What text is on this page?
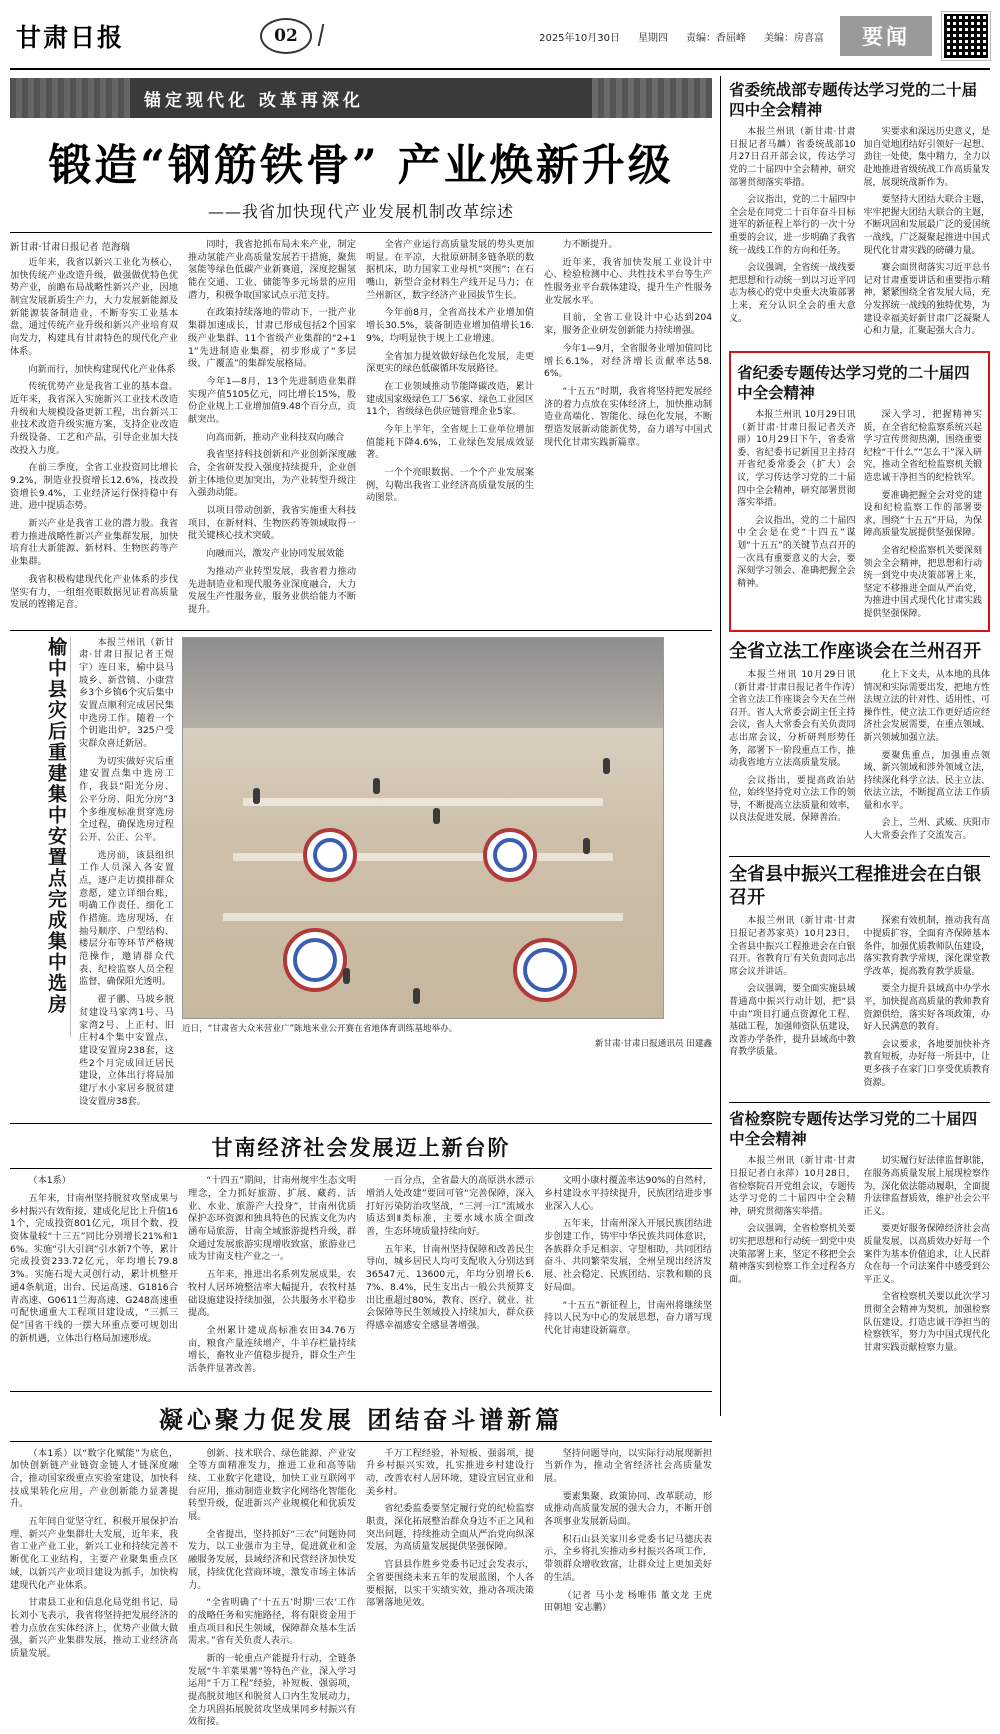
甘肃日报	02	2025年10月30日 星期四 责编：香屈峰 美编：房喜富	要闻
锚定现代化 改革再深化
锻造“钢筋铁骨” 产业焕新升级
——我省加快现代产业发展机制改革综述
新甘肃·甘肃日报记者 范海瑞

近年来，我省以新兴工业化为核心，加快传统产业改造升级，做强做优特色优势产业，前瞻布局战略性新兴产业，因地制宜发展新质生产力，大力发展新能源及新能源装备制造业，不断夯实工业基本盘，通过传统产业升级和新兴产业培育双向发力，构建具有甘肃特色的现代化产业体系。

向新而行，加快构建现代化产业体系

传统优势产业是我省工业的基本盘。近年来，我省深入实施新兴工业技术改造升级和大规模设备更新工程，出台新兴工业技术改造升级实施方案，支持企业改造升级设备、工艺和产品，引导企业加大技改投入力度。

在前三季度，全省工业投资同比增长9.2%，制造业投资增长12.6%，技改投资增长9.4%，工业经济运行保持稳中有进、进中提质态势。

新兴产业是我省工业的潜力股。我省着力推进战略性新兴产业集群发展，加快培育壮大新能源、新材料、生物医药等产业集群。

我省积极构建现代化产业体系的步伐坚实有力，一组组亮眼数据见证着高质量发展的铿锵足音。

同时，我省抢抓布局未来产业，制定推动氢能产业高质量发展若干措施，聚焦氢能等绿色低碳产业新赛道，深度挖掘氢能在交通、工业、储能等多元场景的应用潜力，积极争取国家试点示范支持。

在政策持续落地的带动下，一批产业集群加速成长，甘肃已形成包括2个国家级产业集群、11个省级产业集群的“2+11”先进制造业集群，初步形成了“多层级、广覆盖”的集群发展格局。

今年1—8月，13个先进制造业集群实现产值5105亿元，同比增长15%，股份企业规上工业增加值9.48个百分点，贡献突出。

向高而新，推动产业科技双向融合

我省坚持科技创新和产业创新深度融合，全省研发投入强度持续提升，企业创新主体地位更加突出，为产业转型升级注入强劲动能。

以项目带动创新，我省实施重大科技项目，在新材料、生物医药等领域取得一批关键核心技术突破。

向融而兴，激发产业协同发展效能

为推动产业转型发展，我省着力推动先进制造业和现代服务业深度融合，大力发展生产性服务业，服务业供给能力不断提升。

全省产业运行高质量发展的势头更加明显。在平凉，大批原研制多链条联的数据机床，助力国家工业母机“突围”；在石嘴山，新型合金材料生产线开足马力；在兰州新区，数字经济产业园拔节生长。

今年前8月，全省高技术产业增加值增长30.5%，装备制造业增加值增长16.9%，均明显快于规上工业增速。

全省加力提效做好绿色化发展，走更深更实的绿色低碳循环发展路径。

在工业领域推动节能降碳改造，累计建成国家级绿色工厂56家、绿色工业园区11个，省级绿色供应链管理企业5家。

今年上半年，全省规上工业单位增加值能耗下降4.6%，工业绿色发展成效显著。

一个个亮眼数据、一个个产业发展案例，勾勒出我省工业经济高质量发展的生动图景。

力不断提升。

近年来，我省加快发展工业设计中心、检验检测中心、共性技术平台等生产性服务业平台载体建设，提升生产性服务业发展水平。

目前，全省工业设计中心达到204家，服务企业研发创新能力持续增强。

今年1—9月，全省服务业增加值同比增长6.1%，对经济增长贡献率达58.6%。

“十五五”时期，我省将坚持把发展经济的着力点放在实体经济上，加快推动制造业高端化、智能化、绿色化发展，不断塑造发展新动能新优势，奋力谱写中国式现代化甘肃实践新篇章。

榆中县灾后重建集中安置点完成集中选房	本报兰州讯（新甘肃·甘肃日报记者王煜宇）连日来，榆中县马坡乡、新营镇、小康营乡3个乡镇6个灾后集中安置点顺利完成居民集中选房工作。随着一个个钥匙出炉，325户受灾群众喜迁新居。

为切实做好灾后重建安置点集中选房工作，我县“阳光分房、公平分房、阳光分房”3个多维度标准贯穿选房全过程，确保选房过程公开、公正、公平。

选房前，该县组织工作人员深入各安置点，逐户走访摸排群众意愿，建立详细台账，明确工作责任、细化工作措施。选房现场，在抽号顺序、户型结构、楼层分布等环节严格规范操作，邀请群众代表、纪检监察人员全程监督，确保阳光透明。

翟子鹏、马坡乡脱贫建设马家湾1号、马家湾2号、上正村、旧庄村4个集中安置点，建设安置房238套，这些2个月完成回迁居民建设，立体出行将局加建厅水小家居乡脱贫建设安置房38套。

近日，“甘肃省大众米营业广”陈地米业公开赛在省地体育训练基地举办。
新甘肃·甘肃日报通讯员 田建鑫
甘南经济社会发展迈上新台阶

（本1系）

五年来，甘南州坚持脱贫攻坚成果与乡村振兴有效衔接，建成化尼比上升值161个，完成投资801亿元，项目个数、投资体量较“十三五”同比分别增长21%和16%。实施“引大引润”引水新7个等，累计完成投资233.72亿元，年均增长79.83%。实施石堤大灵创行动，累计机整开通4条航道，出台、民运高速、G1816合青高速、G0611兰海高速、G248高速重可配快通重大工程项目建设成，“三抓三促”国省干线的一摆大环重点要可规划出的新机遇，立体出行格局加速形成。

“十四五”期间，甘南州规牢生态文明理念，全力抓好旅游、扩展、藏药、活业、水业、旅游产大投身”，甘南州优质保护态环资源和独具特色的民族文化为内涵布局旅游，甘南全域旅游提档升级，群众通过发展旅游实现增收致富，旅游业已成为甘南支柱产业之一。

五年来，推进出名系列发展成果，农牧村人居环境整洁率大幅提升，农牧村基础设施建设持续加强，公共服务水平稳步提高。

全州累计建成高标准农田34.76万亩，粮食产量连续增产，牛羊存栏量持续增长，畜牧业产值稳步提升，群众生产生活条件显著改善。

一百分点，全省最大的高原洪水漂示增消人处改建”要回可管“完善保障，深入打好污染防治攻坚战，“三河一江”流域水质达到Ⅱ类标准，主要水域水质全面改善，生态环境质量持续向好。

五年来，甘南州坚持保障和改善民生导向，城乡居民人均可支配收入分别达到36547元、13600元，年均分别增长6.7%、8.4%，民生支出占一般公共预算支出比重超过80%，教育、医疗、就业、社会保障等民生领域投入持续加大，群众获得感幸福感安全感显著增强。

文明小康村覆盖率达90%的自然村，乡村建设水平持续提升，民族团结进步事业深入人心。

五年来，甘南州深入开展民族团结进步创建工作，铸牢中华民族共同体意识，各族群众手足相亲、守望相助，共同团结奋斗、共同繁荣发展，全州呈现出经济发展、社会稳定、民族团结、宗教和顺的良好局面。

“十五五”新征程上，甘南州将继续坚持以人民为中心的发展思想，奋力谱写现代化甘南建设新篇章。

凝心聚力促发展 团结奋斗谱新篇

（本1系）以“数字化赋能”为底色，加快创新链产业链资金链人才链深度融合，推动国家级重点实验室建设，加快科技成果转化应用，产业创新能力显著提升。

五年间自觉坚守红、积极开展保护治理、新兴产业集群壮大发展，近年来，我省工业产业工业，新兴工业和持续完善不断优化工业结构，主要产业聚集重点区域，以新兴产业项目建设为抓手，加快构建现代化产业体系。

甘肃县工业和信息化局党组书记、局长刘小飞表示，我省将坚持把发展经济的着力点放在实体经济上，优势产业做大做强，新兴产业集群发展，推动工业经济高质量发展。

创新、技术联合、绿色能源、产业安全等方面精准发力，推进工业和高等陆续、工业数字化建设，加快工业互联网平台应用，推动制造业数字化网络化智能化转型升级，促进新兴产业规模化和优质发展。

全省提出，坚持抓好“三农”问题协同发力，以工业强市为主导，促进就业和金融服务发展，县域经济和民营经济加快发展，持续优化营商环境，激发市场主体活力。

“全省明确了‘十五五’时期‘三农’工作的战略任务和实施路径，将有限资金用于重点项目和民生领域，保障群众基本生活需求。”省有关负责人表示。

新的一轮重点产能提升行动，全链条发展“牛羊菜果薯”等特色产业，深入学习运用“千万工程”经验，补短板、强弱项，提高脱贫地区和脱贫人口内生发展动力，全力巩固拓展脱贫攻坚成果同乡村振兴有效衔接。

千万工程经验，补短板、强弱项，提升乡村振兴实效，扎实推进乡村建设行动，改善农村人居环境，建设宜居宜业和美乡村。

省纪委监委要坚定履行党的纪检监察职责，深化拓展整治群众身边不正之风和突出问题，持续推动全面从严治党向纵深发展，为高质量发展提供坚强保障。

官县县作胜乡党委书记过会发表示，全省要围绕未来五年的发展蓝图，个人各要根据，以实干实绩实效，推动各项决策部署落地见效。

坚持问题导向，以实际行动展现新担当新作为，推动全省经济社会高质量发展。

要素集聚、政策协同、改革联动，形成推动高质量发展的强大合力，不断开创各项事业发展新局面。

积石山县关家川乡党委书记马德庆表示，全乡将扎实推动乡村振兴各项工作，带领群众增收致富，让群众过上更加美好的生活。

（记者 马小龙 杨唯伟 董文龙 王虎 田朝旭 安志鹏）

省委统战部专题传达学习党的二十届四中全会精神

本报兰州讯（新甘肃·甘肃日报记者马麟）省委统战部10月27日召开部会议，传达学习党的二十届四中全会精神，研究部署贯彻落实举措。

会议指出，党的二十届四中全会是在同党二十百年奋斗目标进军的新征程上举行的一次十分重要的会议，进一步明确了我省统一战线工作的方向和任务。

会议强调，全省统一战线要把思想和行动统一到以习近平同志为核心的党中央重大决策部署上来，充分认识全会的重大意义。

实要求和深远历史意义，是加自觉地团结好引领好一起想、劲往一处使，集中精力，全力以赴地推进省级统战工作高质量发展，展现统战新作为。

要坚持大团结大联合主题，牢牢把握大团结大联合的主题，不断巩固和发展最广泛的爱国统一战线，广泛凝聚起推进中国式现代化甘肃实践的磅礴力量。

赛会面贯彻落实习近平总书记对甘肃重要讲话和重要指示精神，紧紧围绕全省发展大局，充分发挥统一战线的独特优势，为建设幸福美好新甘肃广泛凝聚人心和力量，汇聚起强大合力。

省纪委专题传达学习党的二十届四中全会精神

本报兰州讯 10月29日讯（新甘肃·甘肃日报记者关齐丽）10月29日下午，省委常委、省纪委书记新国卫主持召开省纪委常委会（扩大）会议，学习传达学习党的二十届四中全会精神，研究部署贯彻落实举措。

会议指出，党的二十届四中全会是在党“十四五”谋划“十五五”的关键节点召开的一次具有重要意义的大会，要深刻学习领会、准确把握全会精神。

深入学习，把握精神实质，在全省纪检监察系统兴起学习宣传贯彻热潮，围绕重要纪检“干什么”“怎么干”深入研究，推动全省纪检监察机关锻造忠诚干净担当的纪检铁军。

要准确把握全会对党的建设和纪检监察工作的部署要求，围绕“十五五”开局，为保障高质量发展提供坚强保障。

全省纪检监察机关要深刻领会全会精神，把思想和行动统一到党中央决策部署上来，坚定不移推进全面从严治党，为推进中国式现代化甘肃实践提供坚强保障。

全省立法工作座谈会在兰州召开

本报兰州讯 10月29日讯（新甘肃·甘肃日报记者牛作涛）全省立法工作座谈会今天在兰州召开。省人大常委会副主任主持会议，省人大常委会有关负责同志出席会议，分析研判形势任务，部署下一阶段重点工作，推动我省地方立法高质量发展。

会议指出，要提高政治站位，始终坚持党对立法工作的领导，不断提高立法质量和效率，以良法促进发展、保障善治。

化上下文夫，从本地的具体情况和实际需要出发，把地方性法规立法的针对性、适用性、可操作性，使立法工作更好适应经济社会发展需要，在重点领域、新兴领域加强立法。

要聚焦重点，加强重点领域、新兴领域和涉外领域立法，持续深化科学立法、民主立法、依法立法，不断提高立法工作质量和水平。

会上，兰州、武威、庆阳市人大常委会作了交流发言。

全省县中振兴工程推进会在白银召开

本报兰州讯（新甘肃·甘肃日报记者苏家英）10月23日，全省县中振兴工程推进会在白银召开。省教育厅有关负责同志出席会议并讲话。

会议强调，要全面实施县域普通高中振兴行动计划，把“县中由”项目打通点资源化工程、基础工程，加强师资队伍建设，改善办学条件，提升县域高中教育教学质量。

探索有效机制，推动我有高中提质扩容，全面育齐保障基本条件，加强优质教师队伍建设，落实教育教学常规，深化课堂教学改革，提高教育教学质量。

要全力提升县域高中办学水平，加快提高高质量的教师教育资源供给，落实好各项政策，办好人民满意的教育。

会议要求，各地要加快补齐教育短板，办好每一所县中，让更多孩子在家门口享受优质教育资源。

省检察院专题传达学习党的二十届四中全会精神

本报兰州讯（新甘肃·甘肃日报记者白永萍）10月28日，省检察院召开党组会议，专题传达学习党的二十届四中全会精神，研究贯彻落实举措。

会议强调，全省检察机关要切实把思想和行动统一到党中央决策部署上来，坚定不移把全会精神落实到检察工作全过程各方面。

切实履行好法律监督职能，在服务高质量发展上展现检察作为，深化依法能动履职，全面提升法律监督质效，维护社会公平正义。

要更好服务保障经济社会高质量发展，以高质效办好每一个案件为基本价值追求，让人民群众在每一个司法案件中感受到公平正义。

全省检察机关要以此次学习贯彻全会精神为契机，加强检察队伍建设，打造忠诚干净担当的检察铁军，努力为中国式现代化甘肃实践贡献检察力量。
